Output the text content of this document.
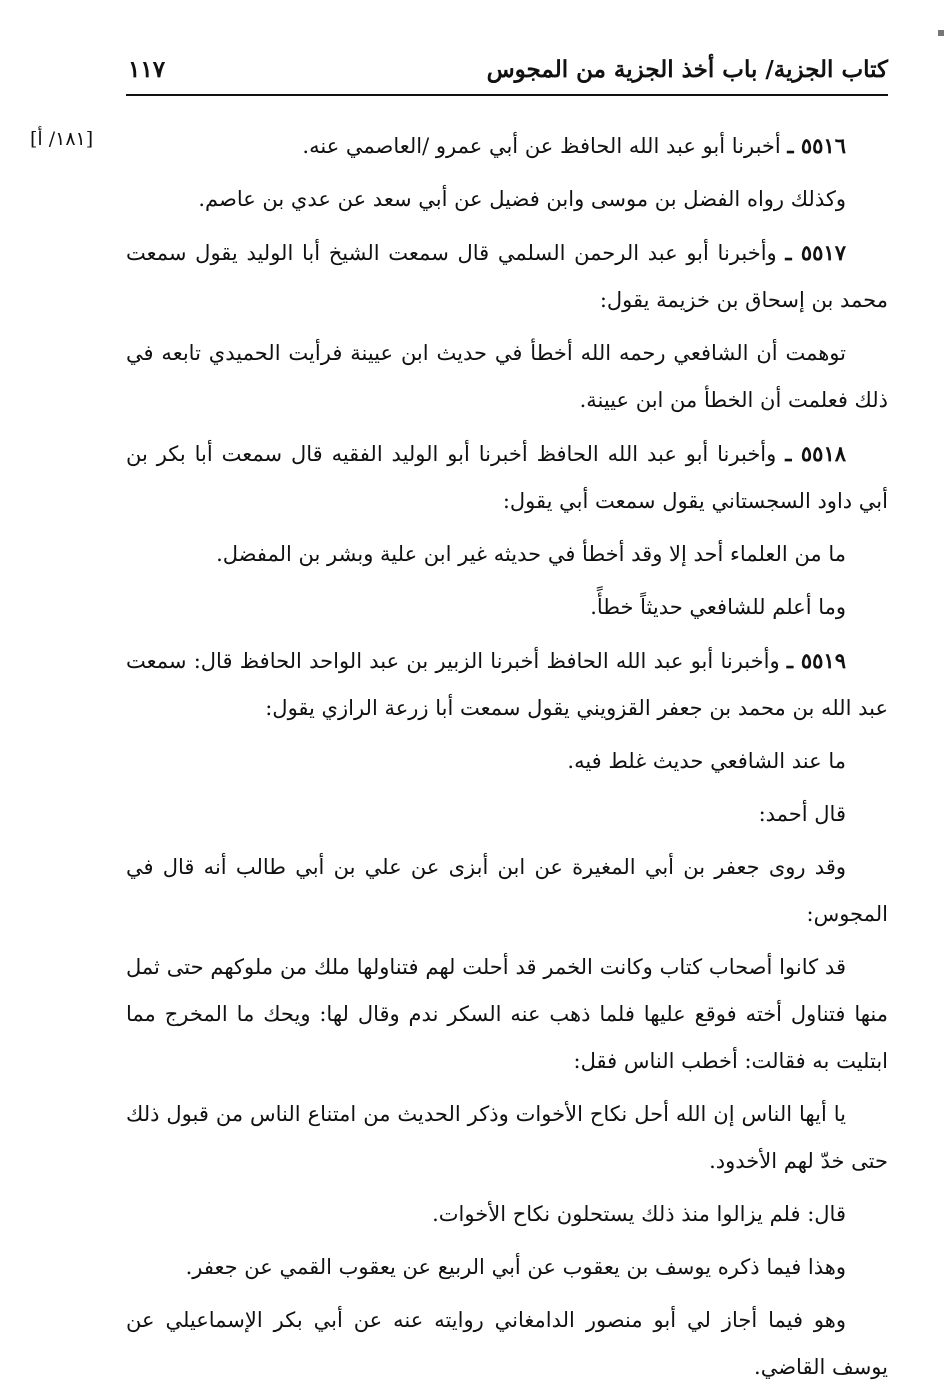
كتاب الجزية/ باب أخذ الجزية من المجوس
١١٧
[١٨١/ أ]	٥٥١٦ ـ أخبرنا أبو عبد الله الحافظ عن أبي عمرو /العاصمي عنه.

وكذلك رواه الفضل بن موسى وابن فضيل عن أبي سعد عن عدي بن عاصم.

٥٥١٧ ـ وأخبرنا أبو عبد الرحمن السلمي قال سمعت الشيخ أبا الوليد يقول سمعت محمد بن إسحاق بن خزيمة يقول:

توهمت أن الشافعي رحمه الله أخطأ في حديث ابن عيينة فرأيت الحميدي تابعه في ذلك فعلمت أن الخطأ من ابن عيينة.

٥٥١٨ ـ وأخبرنا أبو عبد الله الحافظ أخبرنا أبو الوليد الفقيه قال سمعت أبا بكر بن أبي داود السجستاني يقول سمعت أبي يقول:

ما من العلماء أحد إلا وقد أخطأ في حديثه غير ابن علية وبشر بن المفضل.

وما أعلم للشافعي حديثاً خطأً.

٥٥١٩ ـ وأخبرنا أبو عبد الله الحافظ أخبرنا الزبير بن عبد الواحد الحافظ قال: سمعت عبد الله بن محمد بن جعفر القزويني يقول سمعت أبا زرعة الرازي يقول:

ما عند الشافعي حديث غلط فيه.

قال أحمد:

وقد روى جعفر بن أبي المغيرة عن ابن أبزى عن علي بن أبي طالب أنه قال في المجوس:

قد كانوا أصحاب كتاب وكانت الخمر قد أحلت لهم فتناولها ملك من ملوكهم حتى ثمل منها فتناول أخته فوقع عليها فلما ذهب عنه السكر ندم وقال لها: ويحك ما المخرج مما ابتليت به فقالت: أخطب الناس فقل:

يا أيها الناس إن الله أحل نكاح الأخوات وذكر الحديث من امتناع الناس من قبول ذلك حتى خدّ لهم الأخدود.

قال: فلم يزالوا منذ ذلك يستحلون نكاح الأخوات.

وهذا فيما ذكره يوسف بن يعقوب عن أبي الربيع عن يعقوب القمي عن جعفر.

وهو فيما أجاز لي أبو منصور الدامغاني روايته عنه عن أبي بكر الإسماعيلي عن يوسف القاضي.
